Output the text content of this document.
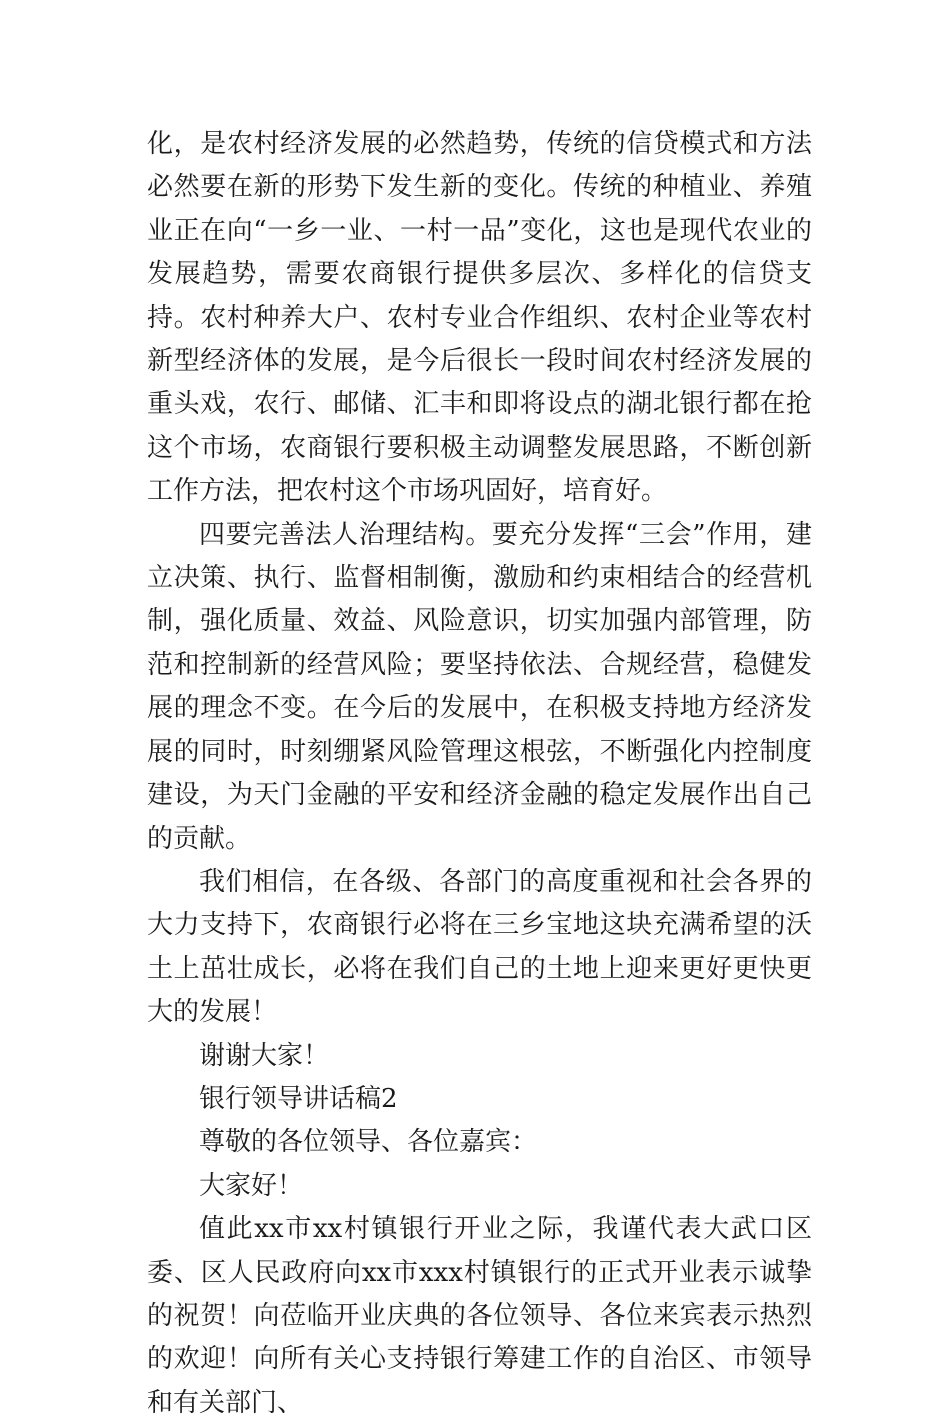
化，是农村经济发展的必然趋势，传统的信贷模式和方法必然要在新的形势下发生新的变化。传统的种植业、养殖业正在向“一乡一业、一村一品”变化，这也是现代农业的发展趋势，需要农商银行提供多层次、多样化的信贷支持。农村种养大户、农村专业合作组织、农村企业等农村新型经济体的发展，是今后很长一段时间农村经济发展的重头戏，农行、邮储、汇丰和即将设点的湖北银行都在抢这个市场，农商银行要积极主动调整发展思路，不断创新工作方法，把农村这个市场巩固好，培育好。

四要完善法人治理结构。要充分发挥“三会”作用，建立决策、执行、监督相制衡，激励和约束相结合的经营机制，强化质量、效益、风险意识，切实加强内部管理，防范和控制新的经营风险；要坚持依法、合规经营，稳健发展的理念不变。在今后的发展中，在积极支持地方经济发展的同时，时刻绷紧风险管理这根弦，不断强化内控制度建设，为天门金融的平安和经济金融的稳定发展作出自己的贡献。

我们相信，在各级、各部门的高度重视和社会各界的大力支持下，农商银行必将在三乡宝地这块充满希望的沃土上茁壮成长，必将在我们自己的土地上迎来更好更快更大的发展！

谢谢大家！

银行领导讲话稿2

尊敬的各位领导、各位嘉宾：

大家好！

值此xx市xx村镇银行开业之际，我谨代表大武口区委、区人民政府向xx市xxx村镇银行的正式开业表示诚挚的祝贺！向莅临开业庆典的各位领导、各位来宾表示热烈的欢迎！向所有关心支持银行筹建工作的自治区、市领导和有关部门、
